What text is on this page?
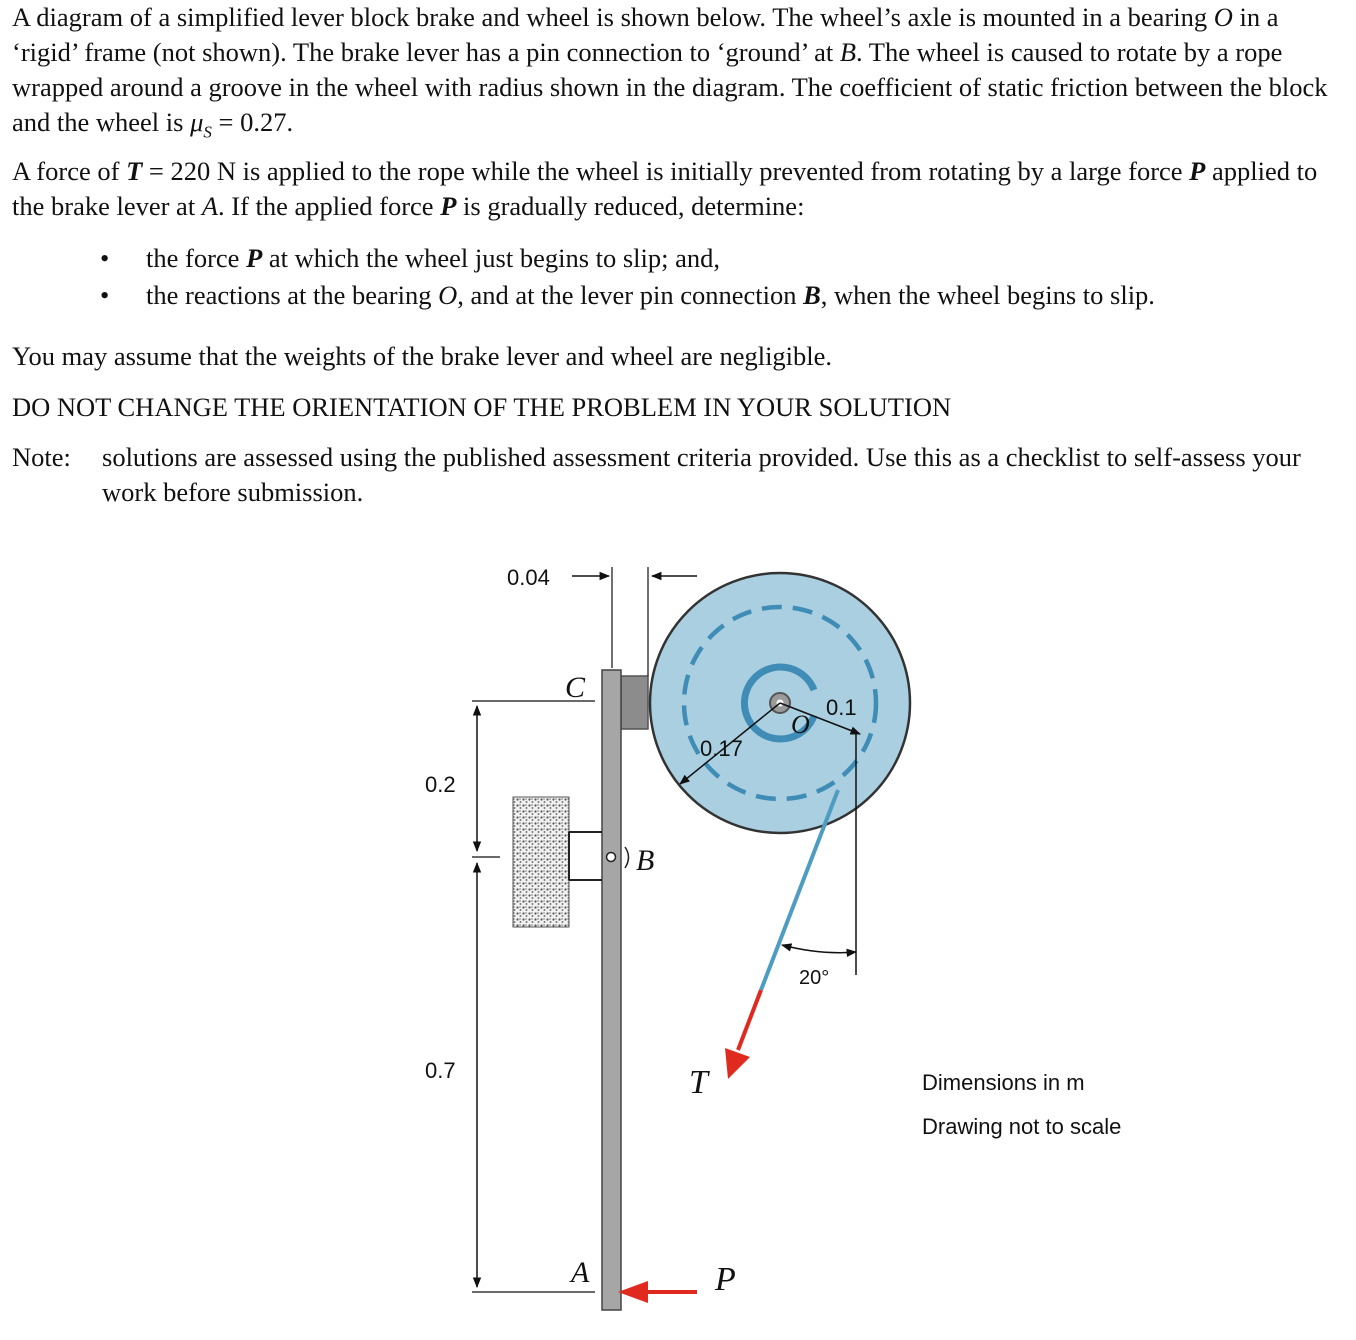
A diagram of a simplified lever block brake and wheel is shown below. The wheel’s axle is mounted in a bearing O in a ‘rigid’ frame (not shown). The brake lever has a pin connection to ‘ground’ at B. The wheel is caused to rotate by a rope wrapped around a groove in the wheel with radius shown in the diagram. The coefficient of static friction between the block and the wheel is $\mu_S = 0.27$.
A force of T = 220 N is applied to the rope while the wheel is initially prevented from rotating by a large force P applied to the brake lever at A. If the applied force P is gradually reduced, determine:
• the force P at which the wheel just begins to slip; and,
• the reactions at the bearing O, and at the lever pin connection B, when the wheel begins to slip.
You may assume that the weights of the brake lever and wheel are negligible.
DO NOT CHANGE THE ORIENTATION OF THE PROBLEM IN YOUR SOLUTION
Note: solutions are assessed using the published assessment criteria provided. Use this as a checklist to self-assess your work before submission.
C
B
A
O
T
P
0.04
0.2
0.7
0.17
0.1
20°
Dimensions in m
Drawing not to scale
